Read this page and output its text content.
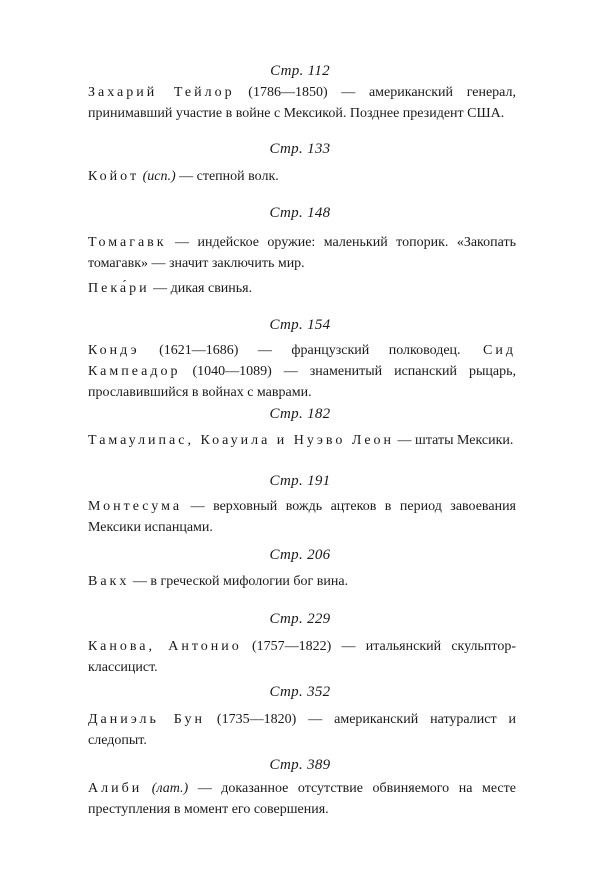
Стр. 112
Захарий Тейлор (1786—1850) — американский генерал, принимавший участие в войне с Мексикой. Позднее президент США.
Стр. 133
Койот (исп.) — степной волк.
Стр. 148
Томагавк — индейское оружие: маленький топорик. «Закопать томагавк» — значит заключить мир.
Пека́ри — дикая свинья.
Стр. 154
Кондэ (1621—1686) — французский полководец. Сид Кампеадор (1040—1089) — знаменитый испанский рыцарь, прославившийся в войнах с маврами.
Стр. 182
Тамаулипас, Коауила и Нуэво Леон — штаты Мексики.
Стр. 191
Монтесума — верховный вождь ацтеков в период завоевания Мексики испанцами.
Стр. 206
Вакх — в греческой мифологии бог вина.
Стр. 229
Канова, Антонио (1757—1822) — итальянский скульптор-классицист.
Стр. 352
Даниэль Бун (1735—1820) — американский натуралист и следопыт.
Стр. 389
Алиби (лат.) — доказанное отсутствие обвиняемого на месте преступления в момент его совершения.
